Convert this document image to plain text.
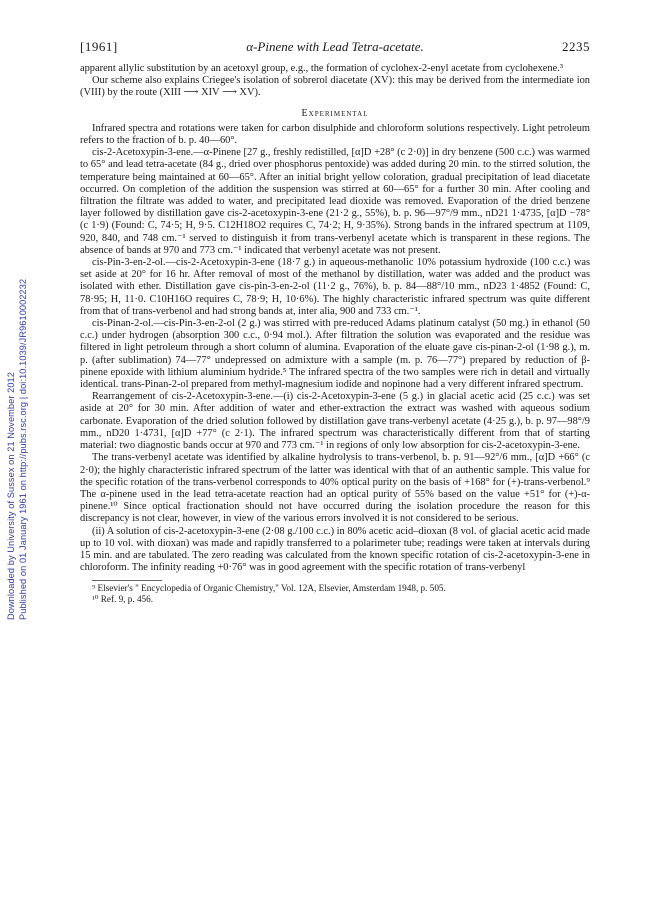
Downloaded by University of Sussex on 21 November 2012 Published on 01 January 1961 on http://pubs.rsc.org | doi:10.1039/JR9610002232
[1961]	α-Pinene with Lead Tetra-acetate.	2235

apparent allylic substitution by an acetoxyl group, e.g., the formation of cyclohex-2-enyl acetate from cyclohexene.³

Our scheme also explains Criegee's isolation of sobrerol diacetate (XV): this may be derived from the intermediate ion (VIII) by the route (XIII ⟶ XIV ⟶ XV).

Experimental

Infrared spectra and rotations were taken for carbon disulphide and chloroform solutions respectively. Light petroleum refers to the fraction of b. p. 40—60°.

cis-2-Acetoxypin-3-ene.—α-Pinene [27 g., freshly redistilled, [α]D +28° (c 2·0)] in dry benzene (500 c.c.) was warmed to 65° and lead tetra-acetate (84 g., dried over phosphorus pentoxide) was added during 20 min. to the stirred solution, the temperature being maintained at 60—65°. After an initial bright yellow coloration, gradual precipitation of lead diacetate occurred. On completion of the addition the suspension was stirred at 60—65° for a further 30 min. After cooling and filtration the filtrate was added to water, and precipitated lead dioxide was removed. Evaporation of the dried benzene layer followed by distillation gave cis-2-acetoxypin-3-ene (21·2 g., 55%), b. p. 96—97°/9 mm., nD21 1·4735, [α]D −78° (c 1·9) (Found: C, 74·5; H, 9·5. C12H18O2 requires C, 74·2; H, 9·35%). Strong bands in the infrared spectrum at 1109, 920, 840, and 748 cm.⁻¹ served to distinguish it from trans-verbenyl acetate which is transparent in these regions. The absence of bands at 970 and 773 cm.⁻¹ indicated that verbenyl acetate was not present.

cis-Pin-3-en-2-ol.—cis-2-Acetoxypin-3-ene (18·7 g.) in aqueous-methanolic 10% potassium hydroxide (100 c.c.) was set aside at 20° for 16 hr. After removal of most of the methanol by distillation, water was added and the product was isolated with ether. Distillation gave cis-pin-3-en-2-ol (11·2 g., 76%), b. p. 84—88°/10 mm., nD23 1·4852 (Found: C, 78·95; H, 11·0. C10H16O requires C, 78·9; H, 10·6%). The highly characteristic infrared spectrum was quite different from that of trans-verbenol and had strong bands at, inter alia, 900 and 733 cm.⁻¹.

cis-Pinan-2-ol.—cis-Pin-3-en-2-ol (2 g.) was stirred with pre-reduced Adams platinum catalyst (50 mg.) in ethanol (50 c.c.) under hydrogen (absorption 300 c.c., 0·94 mol.). After filtration the solution was evaporated and the residue was filtered in light petroleum through a short column of alumina. Evaporation of the eluate gave cis-pinan-2-ol (1·98 g.), m. p. (after sublimation) 74—77° undepressed on admixture with a sample (m. p. 76—77°) prepared by reduction of β-pinene epoxide with lithium aluminium hydride.⁵ The infrared spectra of the two samples were rich in detail and virtually identical. trans-Pinan-2-ol prepared from methyl-magnesium iodide and nopinone had a very different infrared spectrum.

Rearrangement of cis-2-Acetoxypin-3-ene.—(i) cis-2-Acetoxypin-3-ene (5 g.) in glacial acetic acid (25 c.c.) was set aside at 20° for 30 min. After addition of water and ether-extraction the extract was washed with aqueous sodium carbonate. Evaporation of the dried solution followed by distillation gave trans-verbenyl acetate (4·25 g.), b. p. 97—98°/9 mm., nD20 1·4731, [α]D +77° (c 2·1). The infrared spectrum was characteristically different from that of starting material: two diagnostic bands occur at 970 and 773 cm.⁻¹ in regions of only low absorption for cis-2-acetoxypin-3-ene.

The trans-verbenyl acetate was identified by alkaline hydrolysis to trans-verbenol, b. p. 91—92°/6 mm., [α]D +66° (c 2·0); the highly characteristic infrared spectrum of the latter was identical with that of an authentic sample. This value for the specific rotation of the trans-verbenol corresponds to 40% optical purity on the basis of +168° for (+)-trans-verbenol.⁹ The α-pinene used in the lead tetra-acetate reaction had an optical purity of 55% based on the value +51° for (+)-α-pinene.¹⁰ Since optical fractionation should not have occurred during the isolation procedure the reason for this discrepancy is not clear, however, in view of the various errors involved it is not considered to be serious.

(ii) A solution of cis-2-acetoxypin-3-ene (2·08 g./100 c.c.) in 80% acetic acid–dioxan (8 vol. of glacial acetic acid made up to 10 vol. with dioxan) was made and rapidly transferred to a polarimeter tube; readings were taken at intervals during 15 min. and are tabulated. The zero reading was calculated from the known specific rotation of cis-2-acetoxypin-3-ene in chloroform. The infinity reading +0·76° was in good agreement with the specific rotation of trans-verbenyl

⁹ Elsevier's " Encyclopedia of Organic Chemistry," Vol. 12A, Elsevier, Amsterdam 1948, p. 505.

¹⁰ Ref. 9, p. 456.
